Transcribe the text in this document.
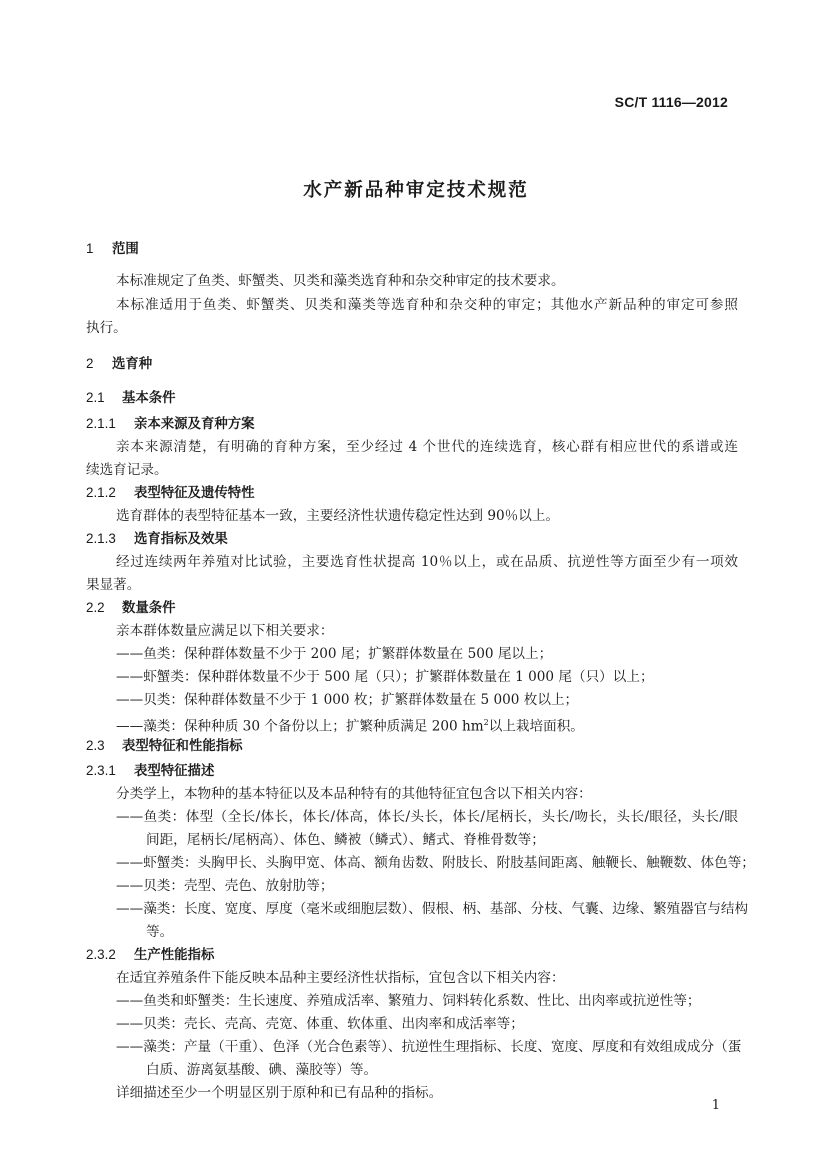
SC/T 1116—2012
水产新品种审定技术规范
1 范围
本标准规定了鱼类、虾蟹类、贝类和藻类选育种和杂交种审定的技术要求。
本标准适用于鱼类、虾蟹类、贝类和藻类等选育种和杂交种的审定；其他水产新品种的审定可参照
执行。
2 选育种
2.1 基本条件
2.1.1 亲本来源及育种方案
亲本来源清楚，有明确的育种方案，至少经过 4 个世代的连续选育，核心群有相应世代的系谱或连
续选育记录。
2.1.2 表型特征及遗传特性
选育群体的表型特征基本一致，主要经济性状遗传稳定性达到 90％以上。
2.1.3 选育指标及效果
经过连续两年养殖对比试验，主要选育性状提高 10％以上，或在品质、抗逆性等方面至少有一项效
果显著。
2.2 数量条件
亲本群体数量应满足以下相关要求：
——鱼类：保种群体数量不少于 200 尾；扩繁群体数量在 500 尾以上；
——虾蟹类：保种群体数量不少于 500 尾（只）；扩繁群体数量在 1 000 尾（只）以上；
——贝类：保种群体数量不少于 1 000 枚；扩繁群体数量在 5 000 枚以上；
——藻类：保种种质 30 个备份以上；扩繁种质满足 200 $hm^2$以上栽培面积。
2.3 表型特征和性能指标
2.3.1 表型特征描述
分类学上，本物种的基本特征以及本品种特有的其他特征宜包含以下相关内容：
——鱼类：体型（全长/体长，体长/体高，体长/头长，体长/尾柄长，头长/吻长，头长/眼径，头长/眼
间距，尾柄长/尾柄高）、体色、鳞被（鳞式）、鳍式、脊椎骨数等；
——虾蟹类：头胸甲长、头胸甲宽、体高、额角齿数、附肢长、附肢基间距离、触鞭长、触鞭数、体色等；
——贝类：壳型、壳色、放射肋等；
——藻类：长度、宽度、厚度（毫米或细胞层数）、假根、柄、基部、分枝、气囊、边缘、繁殖器官与结构
等。
2.3.2 生产性能指标
在适宜养殖条件下能反映本品种主要经济性状指标，宜包含以下相关内容：
——鱼类和虾蟹类：生长速度、养殖成活率、繁殖力、饲料转化系数、性比、出肉率或抗逆性等；
——贝类：壳长、壳高、壳宽、体重、软体重、出肉率和成活率等；
——藻类：产量（干重）、色泽（光合色素等）、抗逆性生理指标、长度、宽度、厚度和有效组成成分（蛋
白质、游离氨基酸、碘、藻胶等）等。
详细描述至少一个明显区别于原种和已有品种的指标。
1
